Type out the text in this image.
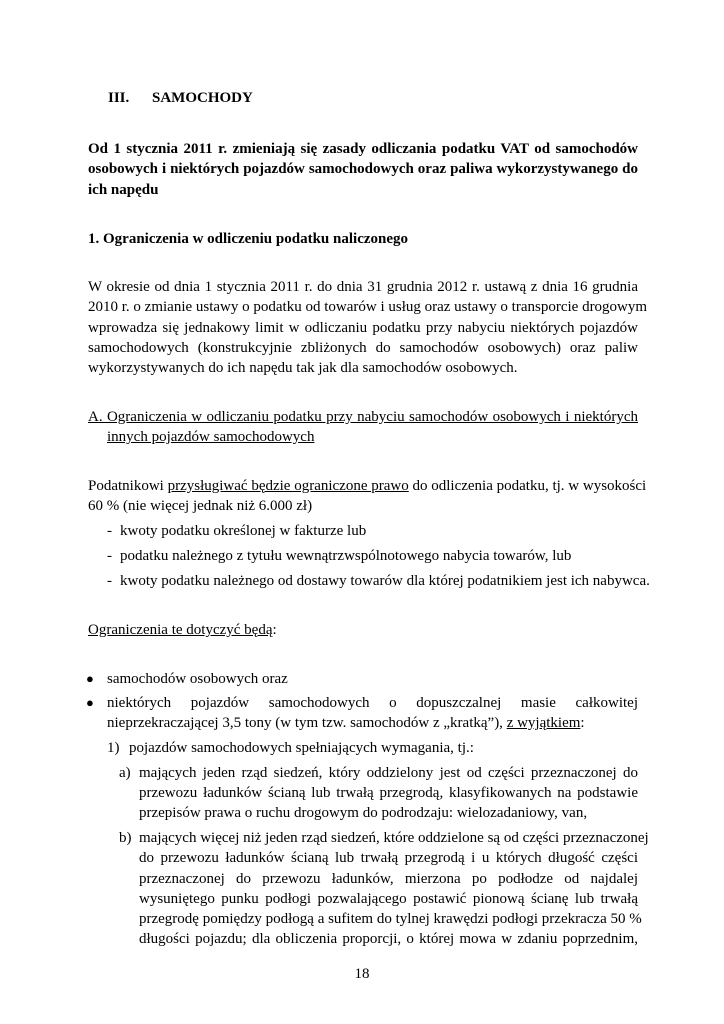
III. SAMOCHODY
Od 1 stycznia 2011 r. zmieniają się zasady odliczania podatku VAT od samochodów
osobowych i niektórych pojazdów samochodowych oraz paliwa wykorzystywanego do
ich napędu
1. Ograniczenia w odliczeniu podatku naliczonego
W okresie od dnia 1 stycznia 2011 r. do dnia 31 grudnia 2012 r. ustawą z dnia 16 grudnia
2010 r. o zmianie ustawy o podatku od towarów i usług oraz ustawy o transporcie drogowym
wprowadza się jednakowy limit w odliczaniu podatku przy nabyciu niektórych pojazdów
samochodowych (konstrukcyjnie zbliżonych do samochodów osobowych) oraz paliw
wykorzystywanych do ich napędu tak jak dla samochodów osobowych.
A. Ograniczenia w odliczaniu podatku przy nabyciu samochodów osobowych i niektórych
innych pojazdów samochodowych
Podatnikowi przysługiwać będzie ograniczone prawo do odliczenia podatku, tj. w wysokości
60 % (nie więcej jednak niż 6.000 zł)
- kwoty podatku określonej w fakturze lub
- podatku należnego z tytułu wewnątrzwspólnotowego nabycia towarów, lub
- kwoty podatku należnego od dostawy towarów dla której podatnikiem jest ich nabywca.
Ograniczenia te dotyczyć będą:
● samochodów osobowych oraz
● niektórych pojazdów samochodowych o dopuszczalnej masie całkowitej
nieprzekraczającej 3,5 tony (w tym tzw. samochodów z „kratką”), z wyjątkiem:
1) pojazdów samochodowych spełniających wymagania, tj.:
a) mających jeden rząd siedzeń, który oddzielony jest od części przeznaczonej do
przewozu ładunków ścianą lub trwałą przegrodą, klasyfikowanych na podstawie
przepisów prawa o ruchu drogowym do podrodzaju: wielozadaniowy, van,
b) mających więcej niż jeden rząd siedzeń, które oddzielone są od części przeznaczonej
do przewozu ładunków ścianą lub trwałą przegrodą i u których długość części
przeznaczonej do przewozu ładunków, mierzona po podłodze od najdalej
wysuniętego punku podłogi pozwalającego postawić pionową ścianę lub trwałą
przegrodę pomiędzy podłogą a sufitem do tylnej krawędzi podłogi przekracza 50 %
długości pojazdu; dla obliczenia proporcji, o której mowa w zdaniu poprzednim,
18
